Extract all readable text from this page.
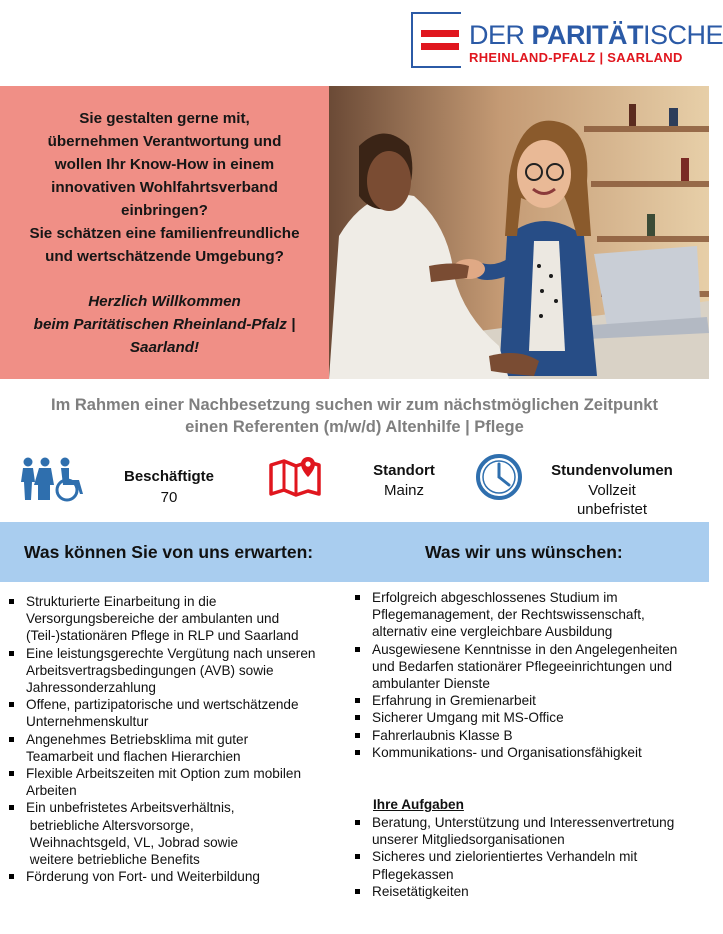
DER PARITÄTISCHE
RHEINLAND-PFALZ | SAARLAND
Sie gestalten gerne mit,
übernehmen Verantwortung und
wollen Ihr Know-How in einem
innovativen Wohlfahrtsverband
einbringen?
Sie schätzen eine familienfreundliche
und wertschätzende Umgebung?
Herzlich Willkommen
beim Paritätischen Rheinland-Pfalz |
Saarland!
Im Rahmen einer Nachbesetzung suchen wir zum nächstmöglichen Zeitpunkt
einen Referenten (m/w/d) Altenhilfe | Pflege
Beschäftigte
70
Standort
Mainz
Stundenvolumen
Vollzeit
unbefristet
Was können Sie von uns erwarten:	Was wir uns wünschen:
Strukturierte Einarbeitung in die
Versorgungsbereiche der ambulanten und
(Teil-)stationären Pflege in RLP und Saarland
Eine leistungsgerechte Vergütung nach unseren
Arbeitsvertragsbedingungen (AVB) sowie
Jahressonderzahlung
Offene, partizipatorische und wertschätzende
Unternehmenskultur
Angenehmes Betriebsklima mit guter
Teamarbeit und flachen Hierarchien
Flexible Arbeitszeiten mit Option zum mobilen
Arbeiten
Ein unbefristetes Arbeitsverhältnis,
betriebliche Altersvorsorge,
Weihnachtsgeld, VL, Jobrad sowie
weitere betriebliche Benefits
Förderung von Fort- und Weiterbildung
Erfolgreich abgeschlossenes Studium im
Pflegemanagement, der Rechtswissenschaft,
alternativ eine vergleichbare Ausbildung
Ausgewiesene Kenntnisse in den Angelegenheiten
und Bedarfen stationärer Pflegeeinrichtungen und
ambulanter Dienste
Erfahrung in Gremienarbeit
Sicherer Umgang mit MS-Office
Fahrerlaubnis Klasse B
Kommunikations- und Organisationsfähigkeit
Ihre Aufgaben
Beratung, Unterstützung und Interessenvertretung
unserer Mitgliedsorganisationen
Sicheres und zielorientiertes Verhandeln mit
Pflegekassen
Reisetätigkeiten
